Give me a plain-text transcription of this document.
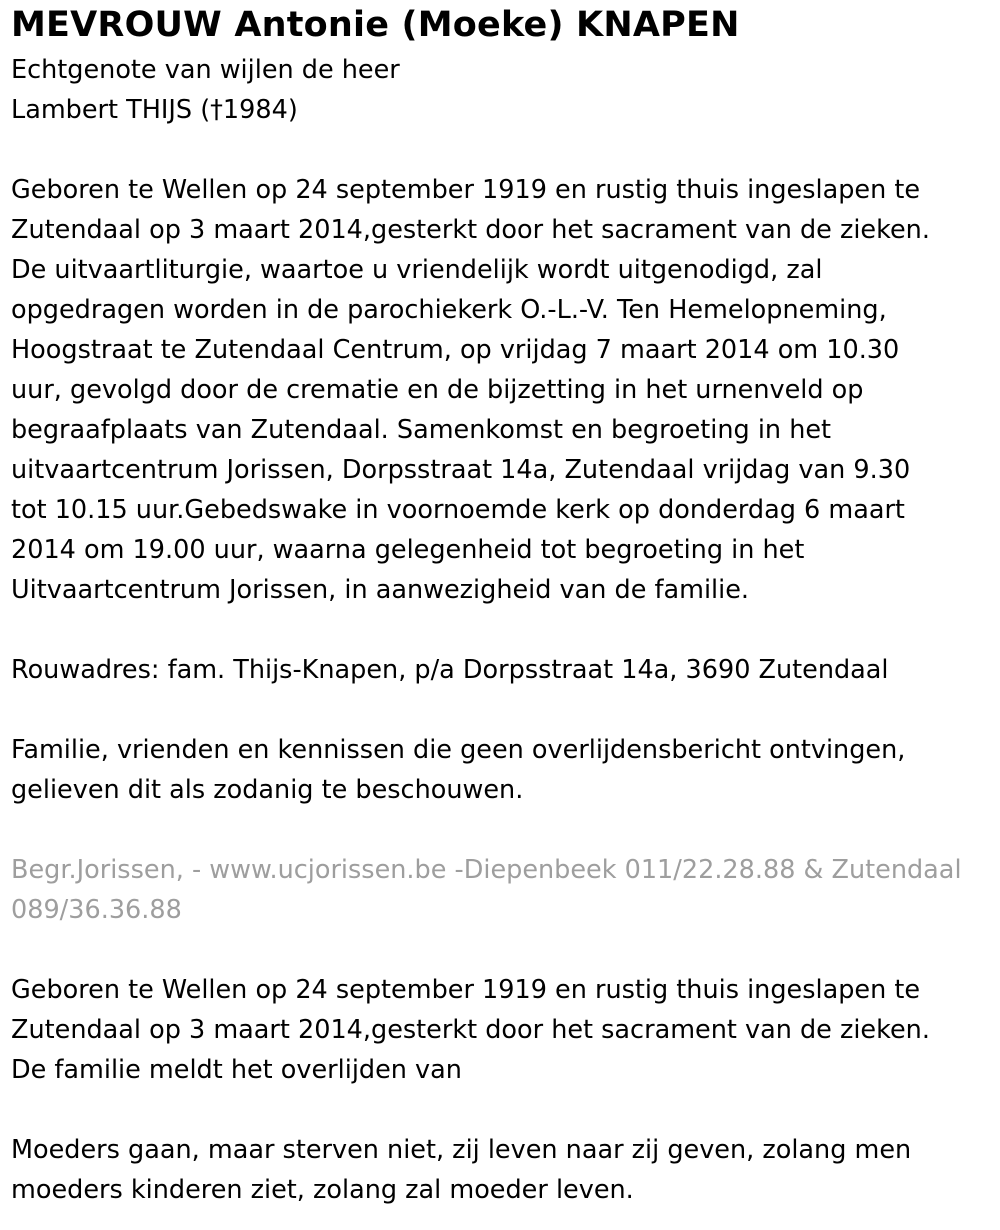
MEVROUW Antonie (Moeke) KNAPEN

Echtgenote van wijlen de heer

Lambert THIJS (†1984)

Geboren te Wellen op 24 september 1919 en rustig thuis ingeslapen te

Zutendaal op 3 maart 2014,gesterkt door het sacrament van de zieken.

De uitvaartliturgie, waartoe u vriendelijk wordt uitgenodigd, zal

opgedragen worden in de parochiekerk O.-L.-V. Ten Hemelopneming,

Hoogstraat te Zutendaal Centrum, op vrijdag 7 maart 2014 om 10.30

uur, gevolgd door de crematie en de bijzetting in het urnenveld op

begraafplaats van Zutendaal. Samenkomst en begroeting in het

uitvaartcentrum Jorissen, Dorpsstraat 14a, Zutendaal vrijdag van 9.30

tot 10.15 uur.Gebedswake in voornoemde kerk op donderdag 6 maart

2014 om 19.00 uur, waarna gelegenheid tot begroeting in het

Uitvaartcentrum Jorissen, in aanwezigheid van de familie.

Rouwadres: fam. Thijs-Knapen, p/a Dorpsstraat 14a, 3690 Zutendaal

Familie, vrienden en kennissen die geen overlijdensbericht ontvingen,

gelieven dit als zodanig te beschouwen.

Begr.Jorissen, - www.ucjorissen.be -Diepenbeek 011/22.28.88 & Zutendaal

089/36.36.88

Geboren te Wellen op 24 september 1919 en rustig thuis ingeslapen te

Zutendaal op 3 maart 2014,gesterkt door het sacrament van de zieken.

De familie meldt het overlijden van

Moeders gaan, maar sterven niet, zij leven naar zij geven, zolang men

moeders kinderen ziet, zolang zal moeder leven.
